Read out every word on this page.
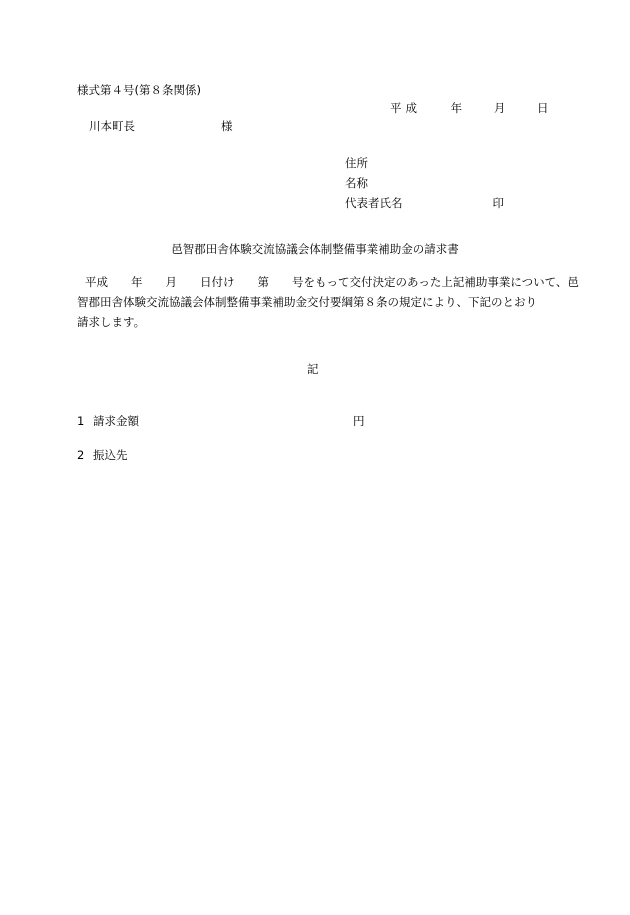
様式第４号(第８条関係)
平成	年	月	日
川本町長	様
住所
名称
代表者氏名	印
邑智郡田舎体験交流協議会体制整備事業補助金の請求書
平成　　年　　月　　日付け　　第　　号をもって交付決定のあった上記補助事業について、邑
智郡田舎体験交流協議会体制整備事業補助金交付要綱第８条の規定により、下記のとおり
請求します。
記
1 請求金額	円
2 振込先
